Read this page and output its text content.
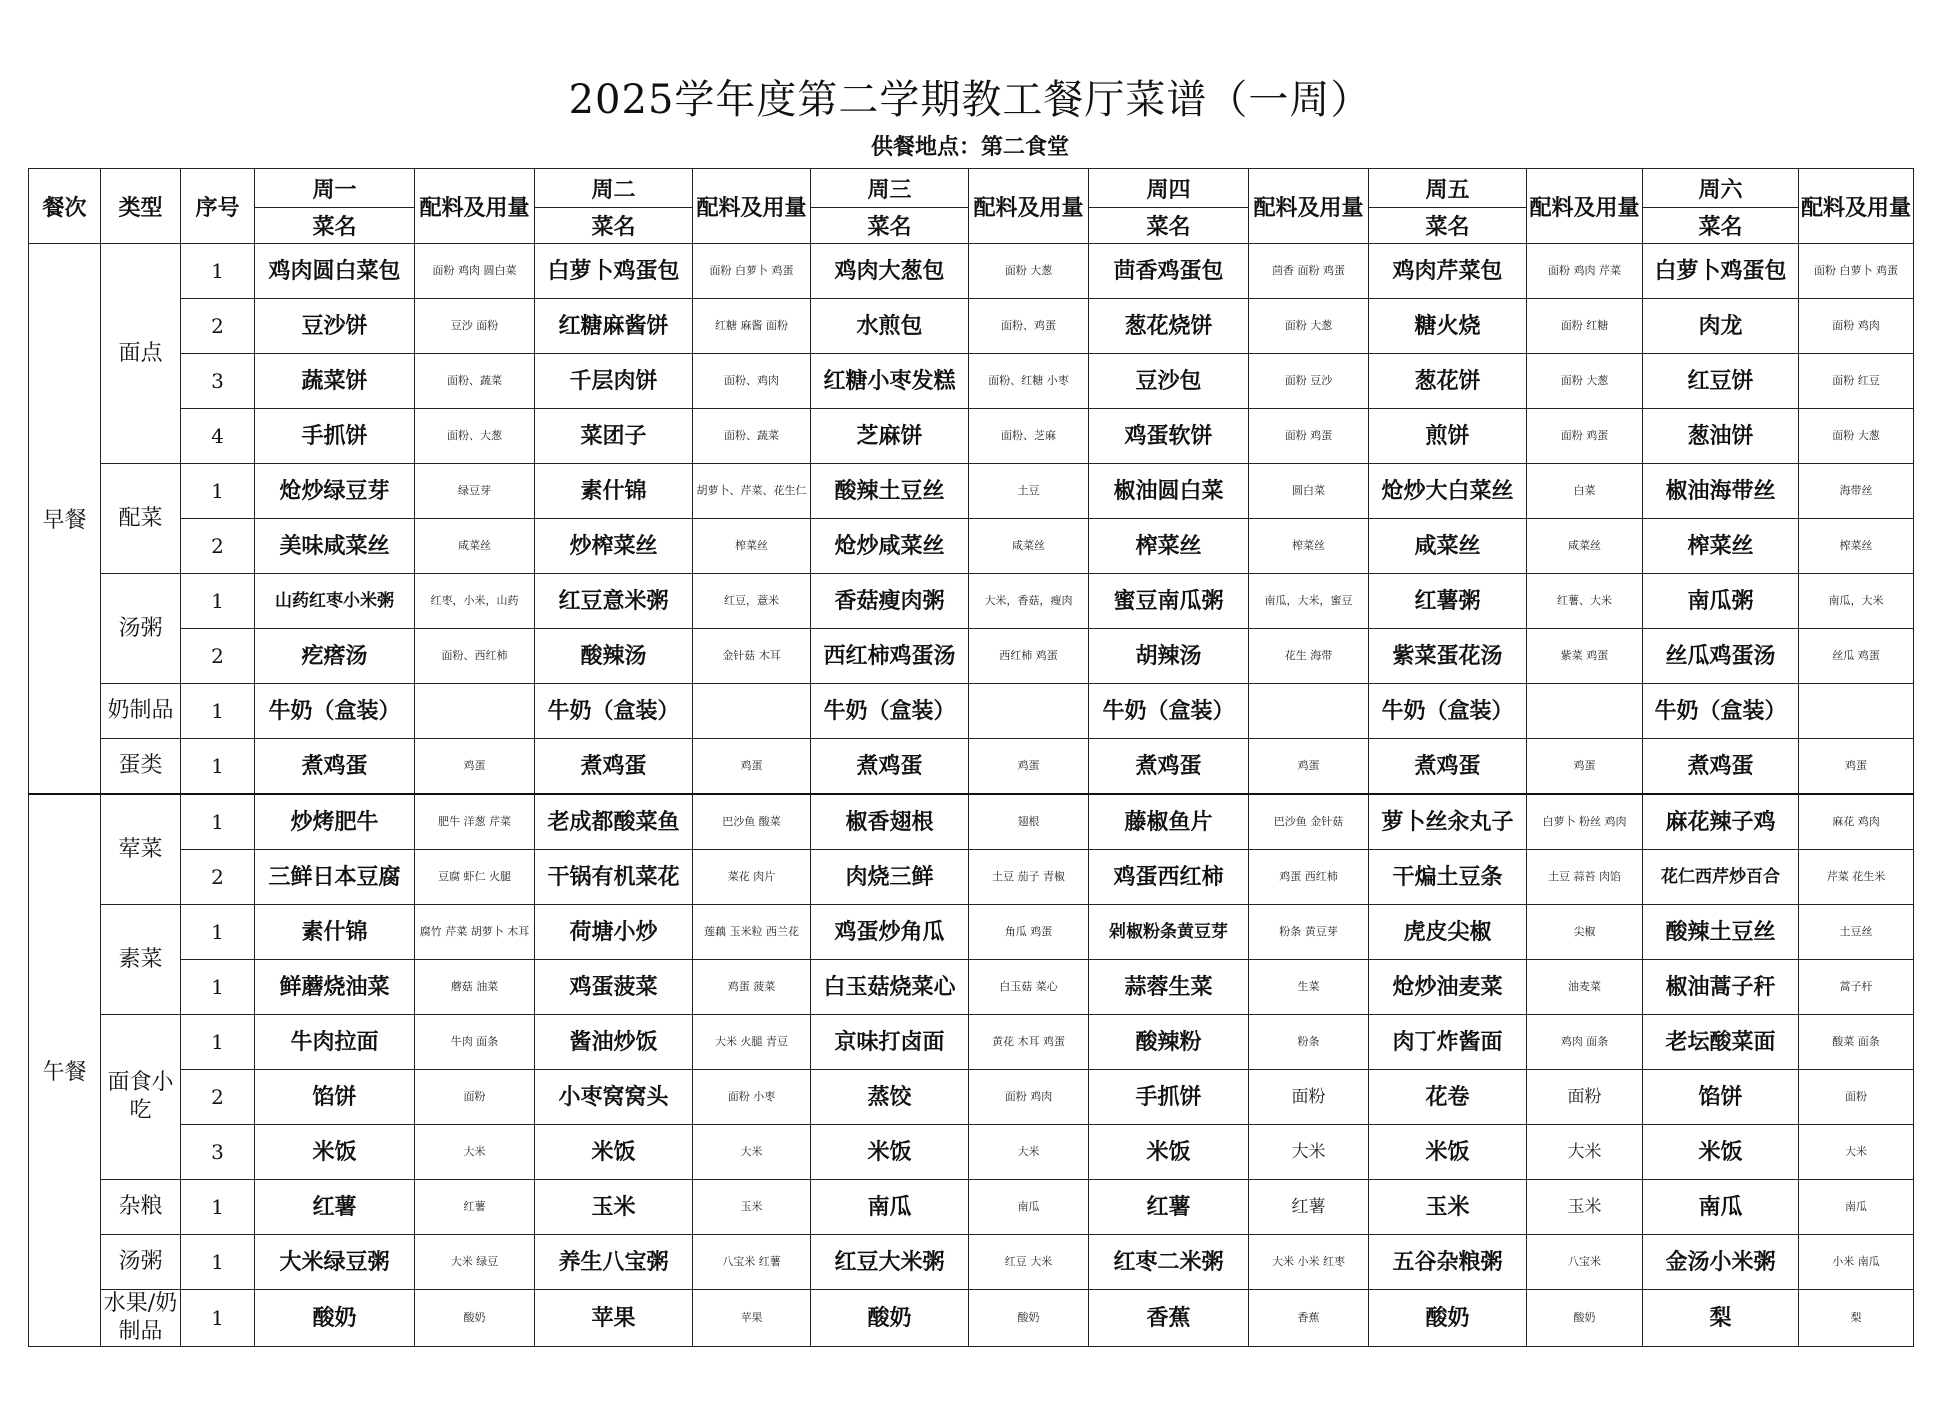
2025学年度第二学期教工餐厅菜谱（一周）
供餐地点：第二食堂
餐次	类型	序号	周一	配料及用量	周二	配料及用量	周三	配料及用量	周四	配料及用量	周五	配料及用量	周六	配料及用量
			菜名		菜名		菜名		菜名		菜名		菜名	
早餐	面点	1	鸡肉圆白菜包	面粉 鸡肉 圆白菜	白萝卜鸡蛋包	面粉 白萝卜 鸡蛋	鸡肉大葱包	面粉 大葱	茴香鸡蛋包	茴香 面粉 鸡蛋	鸡肉芹菜包	面粉 鸡肉 芹菜	白萝卜鸡蛋包	面粉 白萝卜 鸡蛋
		2	豆沙饼	豆沙 面粉	红糖麻酱饼	红糖 麻酱 面粉	水煎包	面粉、鸡蛋	葱花烧饼	面粉 大葱	糖火烧	面粉 红糖	肉龙	面粉 鸡肉
		3	蔬菜饼	面粉、蔬菜	千层肉饼	面粉、鸡肉	红糖小枣发糕	面粉、红糖 小枣	豆沙包	面粉 豆沙	葱花饼	面粉 大葱	红豆饼	面粉 红豆
		4	手抓饼	面粉、大葱	菜团子	面粉、蔬菜	芝麻饼	面粉、芝麻	鸡蛋软饼	面粉 鸡蛋	煎饼	面粉 鸡蛋	葱油饼	面粉 大葱
	配菜	1	炝炒绿豆芽	绿豆芽	素什锦	胡萝卜、芹菜、花生仁	酸辣土豆丝	土豆	椒油圆白菜	圆白菜	炝炒大白菜丝	白菜	椒油海带丝	海带丝
		2	美味咸菜丝	咸菜丝	炒榨菜丝	榨菜丝	炝炒咸菜丝	咸菜丝	榨菜丝	榨菜丝	咸菜丝	咸菜丝	榨菜丝	榨菜丝
	汤粥	1	山药红枣小米粥	红枣，小米，山药	红豆意米粥	红豆，薏米	香菇瘦肉粥	大米，香菇，瘦肉	蜜豆南瓜粥	南瓜，大米，蜜豆	红薯粥	红薯、大米	南瓜粥	南瓜，大米
		2	疙瘩汤	面粉、西红柿	酸辣汤	金针菇 木耳	西红柿鸡蛋汤	西红柿 鸡蛋	胡辣汤	花生 海带	紫菜蛋花汤	紫菜 鸡蛋	丝瓜鸡蛋汤	丝瓜 鸡蛋
	奶制品	1	牛奶（盒装）		牛奶（盒装）		牛奶（盒装）		牛奶（盒装）		牛奶（盒装）		牛奶（盒装）	
	蛋类	1	煮鸡蛋	鸡蛋	煮鸡蛋	鸡蛋	煮鸡蛋	鸡蛋	煮鸡蛋	鸡蛋	煮鸡蛋	鸡蛋	煮鸡蛋	鸡蛋
午餐	荤菜	1	炒烤肥牛	肥牛 洋葱 芹菜	老成都酸菜鱼	巴沙鱼 酸菜	椒香翅根	翅根	藤椒鱼片	巴沙鱼 金针菇	萝卜丝汆丸子	白萝卜 粉丝 鸡肉	麻花辣子鸡	麻花 鸡肉
		2	三鲜日本豆腐	豆腐 虾仁 火腿	干锅有机菜花	菜花 肉片	肉烧三鲜	土豆 茄子 青椒	鸡蛋西红柿	鸡蛋 西红柿	干煸土豆条	土豆 蒜苔 肉馅	花仁西芹炒百合	芹菜 花生米
	素菜	1	素什锦	腐竹 芹菜 胡萝卜 木耳	荷塘小炒	莲藕 玉米粒 西兰花	鸡蛋炒角瓜	角瓜 鸡蛋	剁椒粉条黄豆芽	粉条 黄豆芽	虎皮尖椒	尖椒	酸辣土豆丝	土豆丝
		1	鲜蘑烧油菜	蘑菇 油菜	鸡蛋菠菜	鸡蛋 菠菜	白玉菇烧菜心	白玉菇 菜心	蒜蓉生菜	生菜	炝炒油麦菜	油麦菜	椒油蒿子秆	蒿子杆
	面食小吃	1	牛肉拉面	牛肉 面条	酱油炒饭	大米 火腿 青豆	京味打卤面	黄花 木耳 鸡蛋	酸辣粉	粉条	肉丁炸酱面	鸡肉 面条	老坛酸菜面	酸菜 面条
		2	馅饼	面粉	小枣窝窝头	面粉 小枣	蒸饺	面粉 鸡肉	手抓饼	面粉	花卷	面粉	馅饼	面粉
		3	米饭	大米	米饭	大米	米饭	大米	米饭	大米	米饭	大米	米饭	大米
	杂粮	1	红薯	红薯	玉米	玉米	南瓜	南瓜	红薯	红薯	玉米	玉米	南瓜	南瓜
	汤粥	1	大米绿豆粥	大米 绿豆	养生八宝粥	八宝米 红薯	红豆大米粥	红豆 大米	红枣二米粥	大米 小米 红枣	五谷杂粮粥	八宝米	金汤小米粥	小米 南瓜
	水果/奶制品	1	酸奶	酸奶	苹果	苹果	酸奶	酸奶	香蕉	香蕉	酸奶	酸奶	梨	梨
